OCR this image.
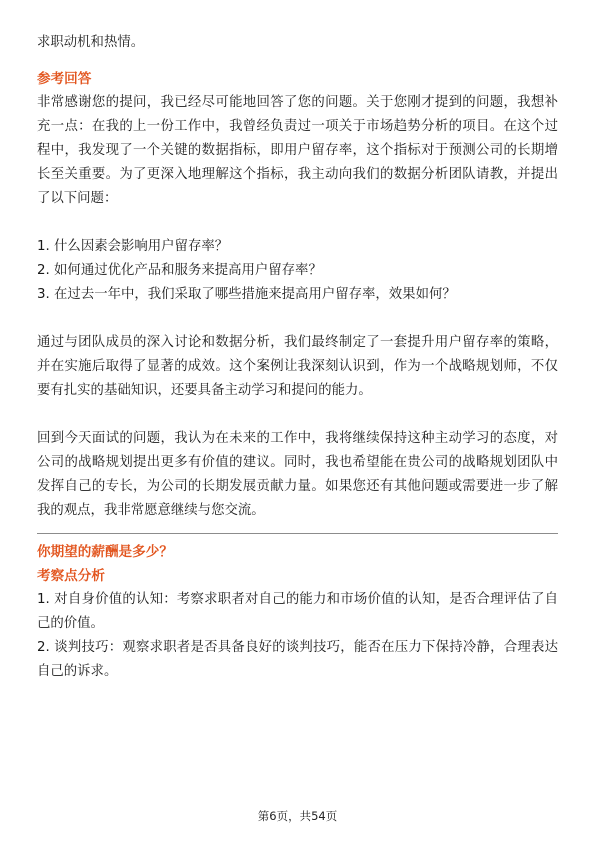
求职动机和热情。

参考回答

非常感谢您的提问，我已经尽可能地回答了您的问题。关于您刚才提到的问题，我想补充一点：在我的上一份工作中，我曾经负责过一项关于市场趋势分析的项目。在这个过程中，我发现了一个关键的数据指标，即用户留存率，这个指标对于预测公司的长期增长至关重要。为了更深入地理解这个指标，我主动向我们的数据分析团队请教，并提出了以下问题：

1. 什么因素会影响用户留存率？

2. 如何通过优化产品和服务来提高用户留存率？

3. 在过去一年中，我们采取了哪些措施来提高用户留存率，效果如何？

通过与团队成员的深入讨论和数据分析，我们最终制定了一套提升用户留存率的策略，并在实施后取得了显著的成效。这个案例让我深刻认识到，作为一个战略规划师，不仅要有扎实的基础知识，还要具备主动学习和提问的能力。

回到今天面试的问题，我认为在未来的工作中，我将继续保持这种主动学习的态度，对公司的战略规划提出更多有价值的建议。同时，我也希望能在贵公司的战略规划团队中发挥自己的专长，为公司的长期发展贡献力量。如果您还有其他问题或需要进一步了解我的观点，我非常愿意继续与您交流。

你期望的薪酬是多少？
考察点分析

1. 对自身价值的认知：考察求职者对自己的能力和市场价值的认知，是否合理评估了自己的价值。

2. 谈判技巧：观察求职者是否具备良好的谈判技巧，能否在压力下保持冷静，合理表达自己的诉求。

第6页，共54页
